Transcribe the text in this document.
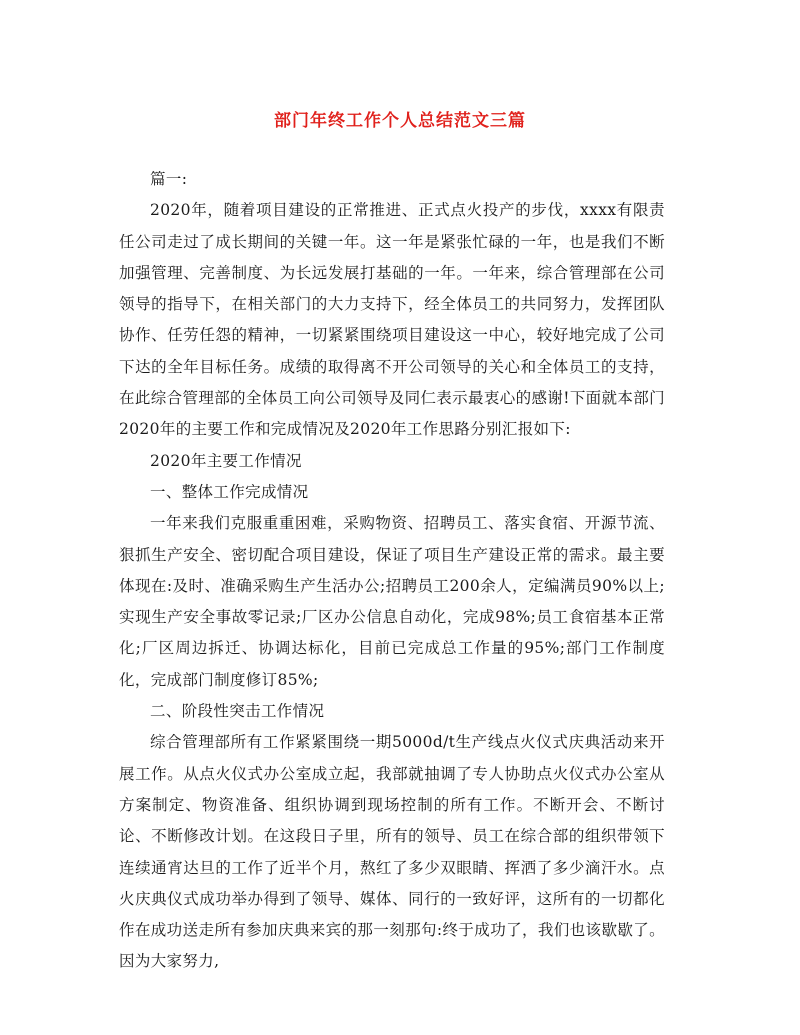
部门年终工作个人总结范文三篇

篇一:

2020年，随着项目建设的正常推进、正式点火投产的步伐，xxxx有限责任公司走过了成长期间的关键一年。这一年是紧张忙碌的一年，也是我们不断加强管理、完善制度、为长远发展打基础的一年。一年来，综合管理部在公司领导的指导下，在相关部门的大力支持下，经全体员工的共同努力，发挥团队协作、任劳任怨的精神，一切紧紧围绕项目建设这一中心，较好地完成了公司下达的全年目标任务。成绩的取得离不开公司领导的关心和全体员工的支持，在此综合管理部的全体员工向公司领导及同仁表示最衷心的感谢!下面就本部门2020年的主要工作和完成情况及2020年工作思路分别汇报如下:

2020年主要工作情况

一、整体工作完成情况

一年来我们克服重重困难，采购物资、招聘员工、落实食宿、开源节流、狠抓生产安全、密切配合项目建设，保证了项目生产建设正常的需求。最主要体现在:及时、准确采购生产生活办公;招聘员工200余人，定编满员90%以上;实现生产安全事故零记录;厂区办公信息自动化，完成98%;员工食宿基本正常化;厂区周边拆迁、协调达标化，目前已完成总工作量的95%;部门工作制度化，完成部门制度修订85%;

二、阶段性突击工作情况

综合管理部所有工作紧紧围绕一期5000d/t生产线点火仪式庆典活动来开展工作。从点火仪式办公室成立起，我部就抽调了专人协助点火仪式办公室从方案制定、物资准备、组织协调到现场控制的所有工作。不断开会、不断讨论、不断修改计划。在这段日子里，所有的领导、员工在综合部的组织带领下连续通宵达旦的工作了近半个月，熬红了多少双眼睛、挥洒了多少滴汗水。点火庆典仪式成功举办得到了领导、媒体、同行的一致好评，这所有的一切都化作在成功送走所有参加庆典来宾的那一刻那句:终于成功了，我们也该歇歇了。因为大家努力,
